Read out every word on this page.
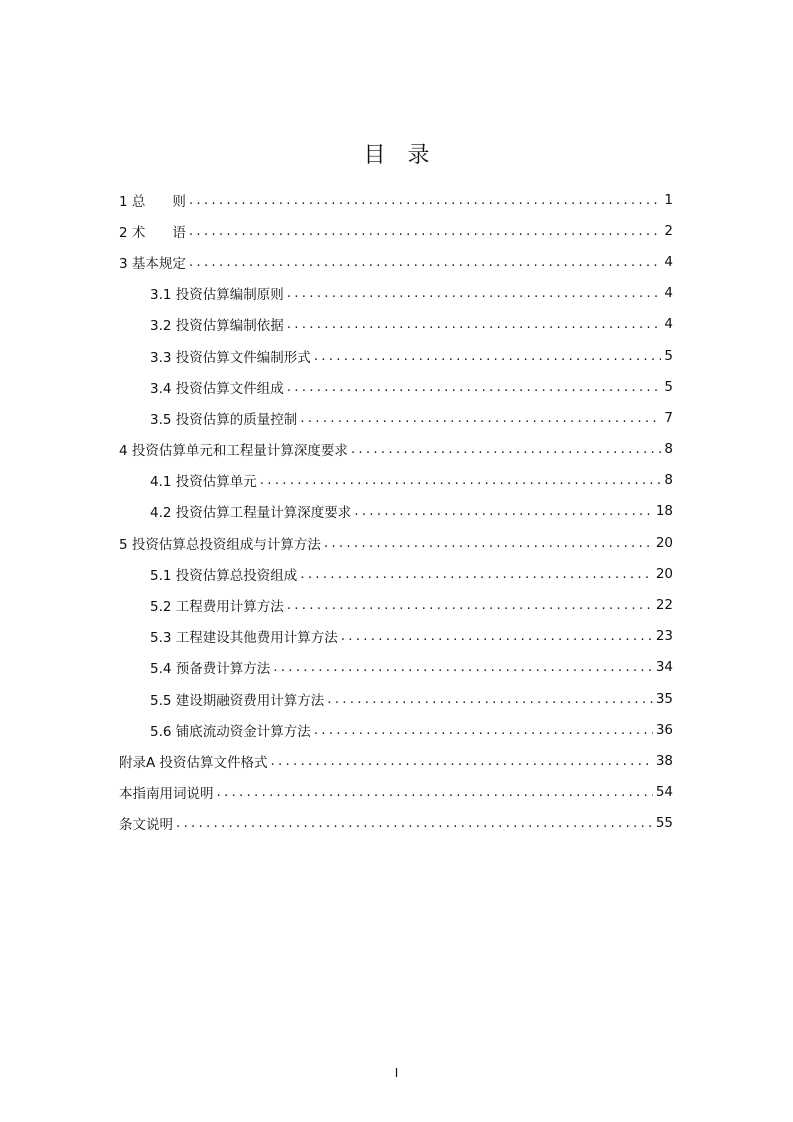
目录
1 总　　则 .....	1
2 术　　语 .....	2
3 基本规定 .....	4
3.1 投资估算编制原则 .....	4
3.2 投资估算编制依据 .....	4
3.3 投资估算文件编制形式 .....	5
3.4 投资估算文件组成 .....	5
3.5 投资估算的质量控制 .....	7
4 投资估算单元和工程量计算深度要求 .....	8
4.1 投资估算单元 .....	8
4.2 投资估算工程量计算深度要求 .....	18
5 投资估算总投资组成与计算方法 .....	20
5.1 投资估算总投资组成 .....	20
5.2 工程费用计算方法 .....	22
5.3 工程建设其他费用计算方法 .....	23
5.4 预备费计算方法 .....	34
5.5 建设期融资费用计算方法 .....	35
5.6 铺底流动资金计算方法 .....	36
附录A 投资估算文件格式 .....	38
本指南用词说明 .....	54
条文说明 .....	55
I
